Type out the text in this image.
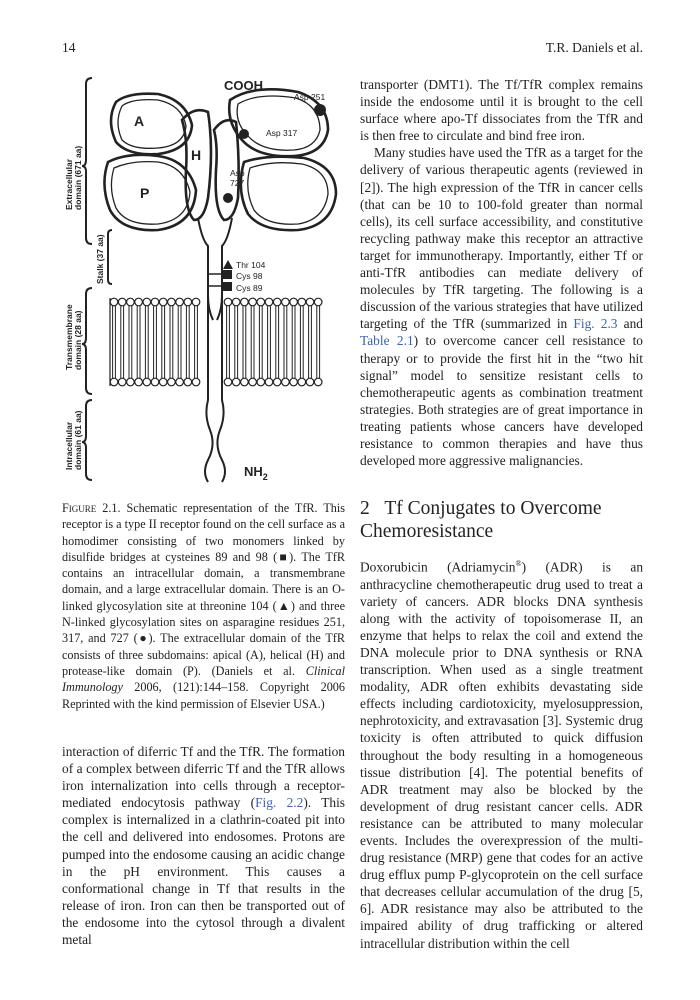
14	T.R. Daniels et al.
COOH
A
H
P
Asp 251
Asp 317
Asp
727
Thr 104
Cys 98
Cys 89
$NH_2$
Extracellular domain (671 aa)
Stalk (37 aa)
Transmembrane domain (28 aa)
Intracellular domain (61 aa)
Figure 2.1. Schematic representation of the TfR. This receptor is a type II receptor found on the cell surface as a homodimer consisting of two monomers linked by disulfide bridges at cysteines 89 and 98 (■). The TfR contains an intracellular domain, a transmembrane domain, and a large extracellular domain. There is an O-linked glycosylation site at threonine 104 (▲) and three N-linked glycosylation sites on asparagine residues 251, 317, and 727 (●). The extracellular domain of the TfR consists of three subdomains: apical (A), helical (H) and protease-like domain (P). (Daniels et al. Clinical Immunology 2006, (121):144–158. Copyright 2006 Reprinted with the kind permission of Elsevier USA.)

interaction of diferric Tf and the TfR. The formation of a complex between diferric Tf and the TfR allows iron internalization into cells through a receptor-mediated endocytosis pathway (Fig. 2.2). This complex is internalized in a clathrin-coated pit into the cell and delivered into endosomes. Protons are pumped into the endosome causing an acidic change in the pH environment. This causes a conformational change in Tf that results in the release of iron. Iron can then be transported out of the endosome into the cytosol through a divalent metal

transporter (DMT1). The Tf/TfR complex remains inside the endosome until it is brought to the cell surface where apo-Tf dissociates from the TfR and is then free to circulate and bind free iron.

Many studies have used the TfR as a target for the delivery of various therapeutic agents (reviewed in [2]). The high expression of the TfR in cancer cells (that can be 10 to 100-fold greater than normal cells), its cell surface accessibility, and constitutive recycling pathway make this receptor an attractive target for immunotherapy. Importantly, either Tf or anti-TfR antibodies can mediate delivery of molecules by TfR targeting. The following is a discussion of the various strategies that have utilized targeting of the TfR (summarized in Fig. 2.3 and Table 2.1) to overcome cancer cell resistance to therapy or to provide the first hit in the “two hit signal” model to sensitize resistant cells to chemotherapeutic agents as combination treatment strategies. Both strategies are of great importance in treating patients whose cancers have developed resistance to common therapies and have thus developed more aggressive malignancies.

2 Tf Conjugates to Overcome Chemoresistance

Doxorubicin (Adriamycin®) (ADR) is an anthracycline chemotherapeutic drug used to treat a variety of cancers. ADR blocks DNA synthesis along with the activity of topoisomerase II, an enzyme that helps to relax the coil and extend the DNA molecule prior to DNA synthesis or RNA transcription. When used as a single treatment modality, ADR often exhibits devastating side effects including cardiotoxicity, myelosuppression, nephrotoxicity, and extravasation [3]. Systemic drug toxicity is often attributed to quick diffusion throughout the body resulting in a homogeneous tissue distribution [4]. The potential benefits of ADR treatment may also be blocked by the development of drug resistant cancer cells. ADR resistance can be attributed to many molecular events. Includes the overexpression of the multi-drug resistance (MRP) gene that codes for an active drug efflux pump P-glycoprotein on the cell surface that decreases cellular accumulation of the drug [5, 6]. ADR resistance may also be attributed to the impaired ability of drug trafficking or altered intracellular distribution within the cell
